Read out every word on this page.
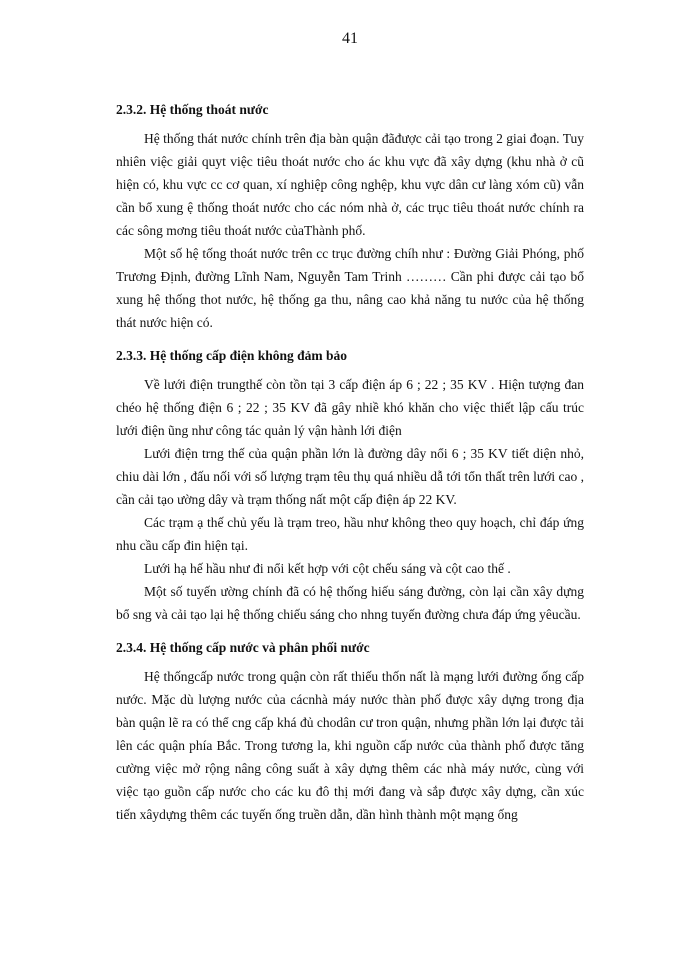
41

2.3.2. Hệ thống thoát nước

Hệ thống thát nước chính trên địa bàn quận đãđược cải tạo trong 2 giai đoạn. Tuy nhiên việc giải quyt việc tiêu thoát nước cho ác khu vực đã xây dựng (khu nhà ở cũ hiện có, khu vực cc cơ quan, xí nghiệp công nghệp, khu vực dân cư làng xóm cũ) vẫn cần bổ xung ệ thống thoát nước cho các nóm nhà ở, các trục tiêu thoát nước chính ra các sông mơng tiêu thoát nước củaThành phố.

Một số hệ tống thoát nước trên cc trục đường chíh như : Đường Giải Phóng, phố Trương Định, đường Lĩnh Nam, Nguyễn Tam Trinh ……… Cần phi được cải tạo bổ xung hệ thống thot nước, hệ thống ga thu, nâng cao khả năng tu nước của hệ thống thát nước hiện có.

2.3.3. Hệ thống cấp điện không đảm bảo

Về lưới điện trungthế còn tồn tại 3 cấp điện áp 6 ; 22 ; 35 KV . Hiện tượng đan chéo hệ thống điện 6 ; 22 ; 35 KV đã gây nhiề khó khăn cho việc thiết lập cấu trúc lưới điện ũng như công tác quản lý vận hành lới điện

Lưới điện trng thế của quận phần lớn là đường dây nổi 6 ; 35 KV tiết diện nhỏ, chiu dài lớn , đấu nối với số lượng trạm têu thụ quá nhiều dẫ tới tổn thất trên lưới cao , cần cải tạo ường dây và trạm thống nất một cấp điện áp 22 KV.

Các trạm ạ thế chủ yếu là trạm treo, hầu như không theo quy hoạch, chỉ đáp ứng nhu cầu cấp đin hiện tại.

Lưới hạ hế hầu như đi nổi kết hợp với cột chếu sáng và cột cao thế .

Một số tuyến ường chính đã có hệ thống hiếu sáng đường, còn lại cần xây dựng bổ sng và cải tạo lại hệ thống chiếu sáng cho nhng tuyến đường chưa đáp ứng yêucầu.

2.3.4. Hệ thống cấp nước và phân phối nước

Hệ thốngcấp nước trong quận còn rất thiếu thốn nất là mạng lưới đường ống cấp nước. Mặc dù lượng nước của cácnhà máy nước thàn phố được xây dựng trong địa bàn quận lẽ ra có thể cng cấp khá đủ chodân cư tron quận, nhưng phần lớn lại được tải lên các quận phía Bắc. Trong tương la, khi nguồn cấp nước của thành phố được tăng cường việc mở rộng nâng công suất à xây dựng thêm các nhà máy nước, cùng với việc tạo guồn cấp nước cho các ku đô thị mới đang và sắp được xây dựng, cần xúc tiến xâydựng thêm các tuyến ống truền dẫn, dần hình thành một mạng ống
